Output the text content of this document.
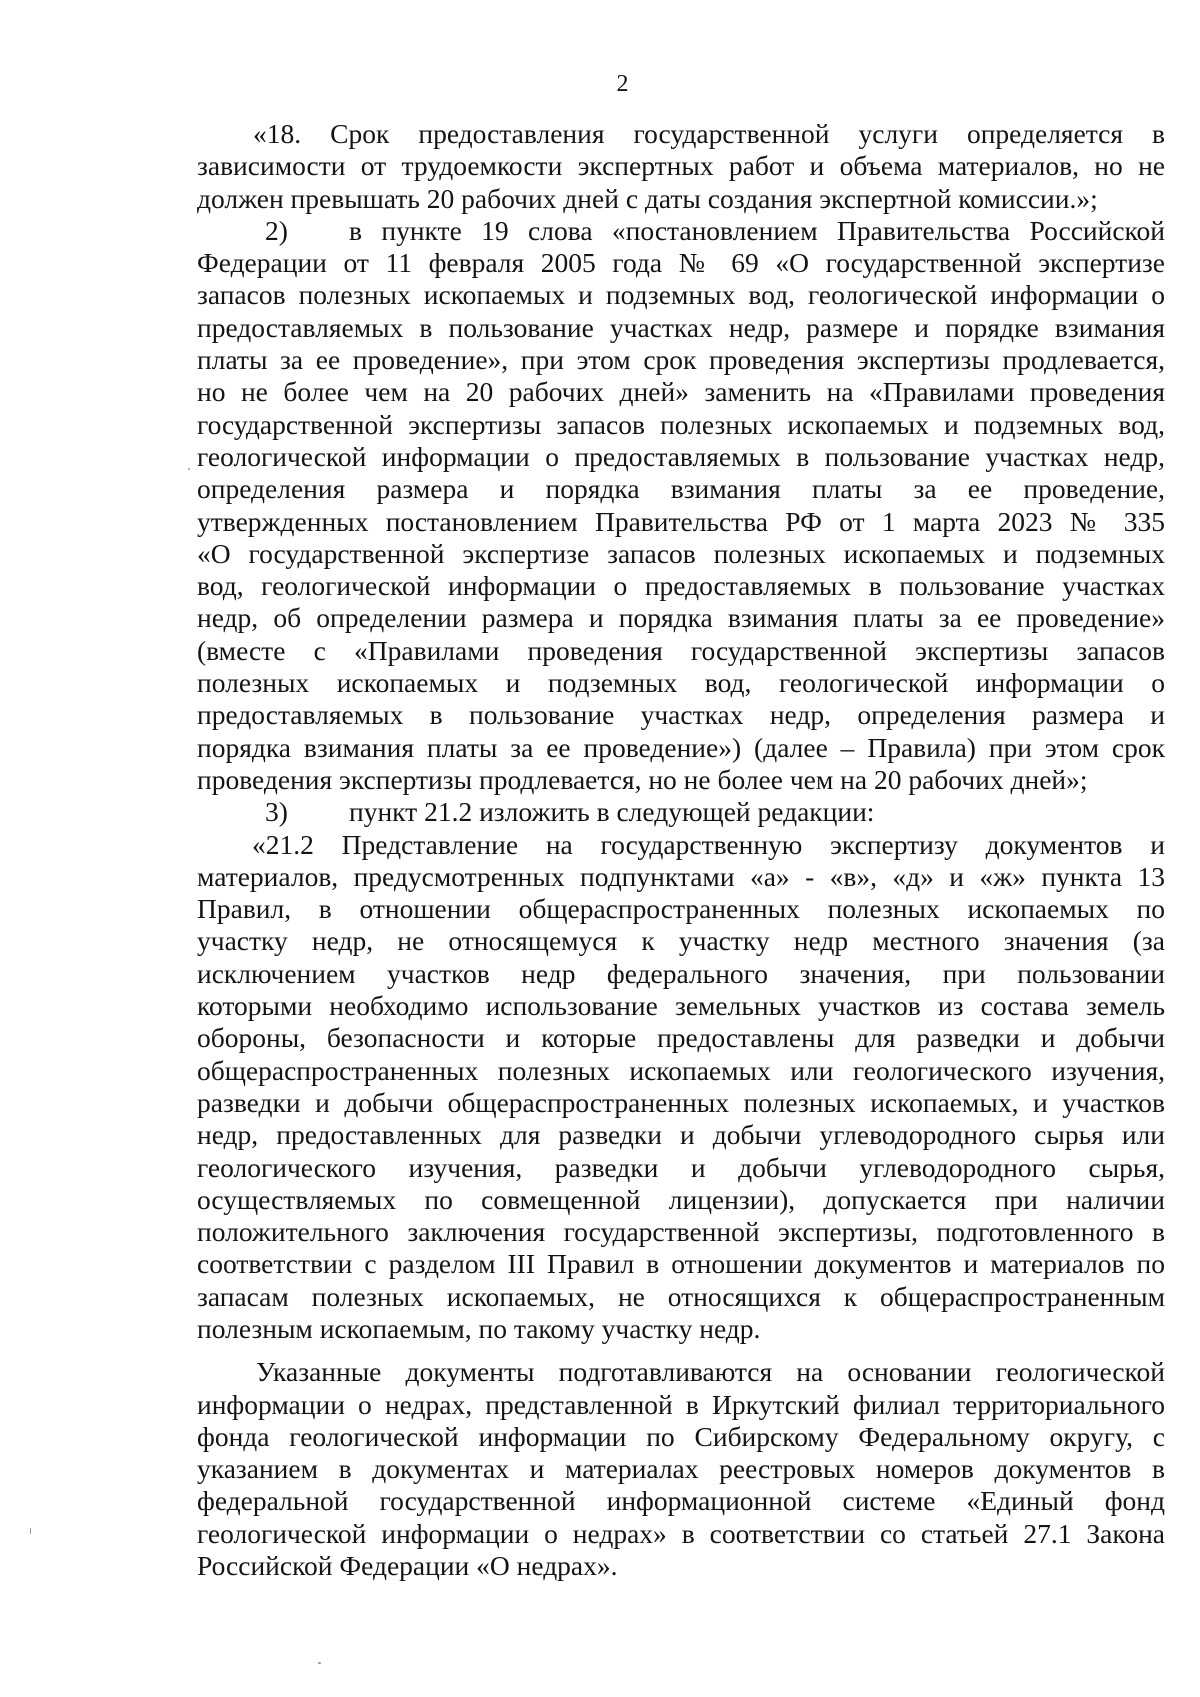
2
«18. Срок предоставления государственной услуги определяется в
зависимости от трудоемкости экспертных работ и объема материалов, но не
должен превышать 20 рабочих дней с даты создания экспертной комиссии.»;
2) в пункте 19 слова «постановлением Правительства Российской
Федерации от 11 февраля 2005 года № 69 «О государственной экспертизе
запасов полезных ископаемых и подземных вод, геологической информации о
предоставляемых в пользование участках недр, размере и порядке взимания
платы за ее проведение», при этом срок проведения экспертизы продлевается,
но не более чем на 20 рабочих дней» заменить на «Правилами проведения
государственной экспертизы запасов полезных ископаемых и подземных вод,
геологической информации о предоставляемых в пользование участках недр,
определения размера и порядка взимания платы за ее проведение,
утвержденных постановлением Правительства РФ от 1 марта 2023 № 335
«О государственной экспертизе запасов полезных ископаемых и подземных
вод, геологической информации о предоставляемых в пользование участках
недр, об определении размера и порядка взимания платы за ее проведение»
(вместе с «Правилами проведения государственной экспертизы запасов
полезных ископаемых и подземных вод, геологической информации о
предоставляемых в пользование участках недр, определения размера и
порядка взимания платы за ее проведение») (далее – Правила) при этом срок
проведения экспертизы продлевается, но не более чем на 20 рабочих дней»;
3) пункт 21.2 изложить в следующей редакции:
«21.2 Представление на государственную экспертизу документов и
материалов, предусмотренных подпунктами «а» - «в», «д» и «ж» пункта 13
Правил, в отношении общераспространенных полезных ископаемых по
участку недр, не относящемуся к участку недр местного значения (за
исключением участков недр федерального значения, при пользовании
которыми необходимо использование земельных участков из состава земель
обороны, безопасности и которые предоставлены для разведки и добычи
общераспространенных полезных ископаемых или геологического изучения,
разведки и добычи общераспространенных полезных ископаемых, и участков
недр, предоставленных для разведки и добычи углеводородного сырья или
геологического изучения, разведки и добычи углеводородного сырья,
осуществляемых по совмещенной лицензии), допускается при наличии
положительного заключения государственной экспертизы, подготовленного в
соответствии с разделом III Правил в отношении документов и материалов по
запасам полезных ископаемых, не относящихся к общераспространенным
полезным ископаемым, по такому участку недр.
Указанные документы подготавливаются на основании геологической
информации о недрах, представленной в Иркутский филиал территориального
фонда геологической информации по Сибирскому Федеральному округу, с
указанием в документах и материалах реестровых номеров документов в
федеральной государственной информационной системе «Единый фонд
геологической информации о недрах» в соответствии со статьей 27.1 Закона
Российской Федерации «О недрах».
